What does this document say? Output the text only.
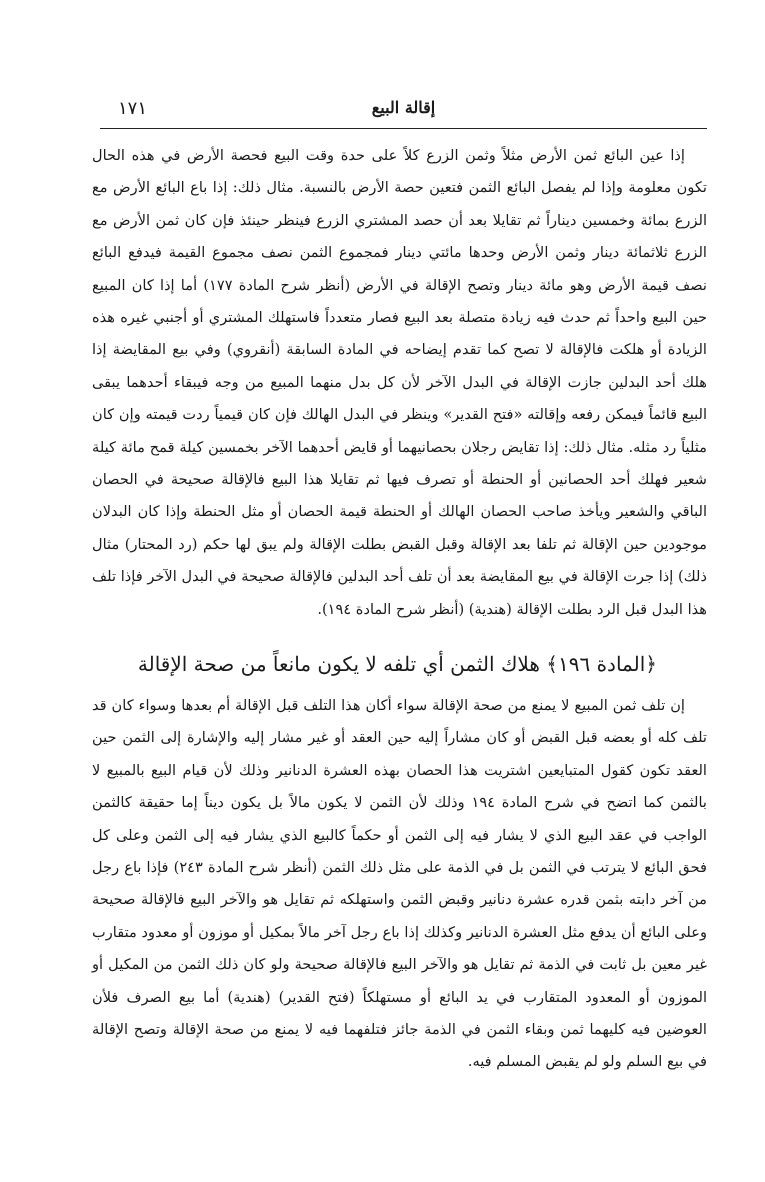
١٧١	إقالة البيع

إذا عين البائع ثمن الأرض مثلاً وثمن الزرع كلاً على حدة وقت البيع فحصة الأرض في هذه الحال تكون معلومة وإذا لم يفصل البائع الثمن فتعين حصة الأرض بالنسبة. مثال ذلك: إذا باع البائع الأرض مع الزرع بمائة وخمسين ديناراً ثم تقايلا بعد أن حصد المشتري الزرع فينظر حينئذ فإن كان ثمن الأرض مع الزرع ثلاثمائة دينار وثمن الأرض وحدها مائتي دينار فمجموع الثمن نصف مجموع القيمة فيدفع البائع نصف قيمة الأرض وهو مائة دينار وتصح الإقالة في الأرض (أنظر شرح المادة ١٧٧) أما إذا كان المبيع حين البيع واحداً ثم حدث فيه زيادة متصلة بعد البيع فصار متعدداً فاستهلك المشتري أو أجنبي غيره هذه الزيادة أو هلكت فالإقالة لا تصح كما تقدم إيضاحه في المادة السابقة (أنقروي) وفي بيع المقايضة إذا هلك أحد البدلين جازت الإقالة في البدل الآخر لأن كل بدل منهما المبيع من وجه فيبقاء أحدهما يبقى البيع قائماً فيمكن رفعه وإقالته «فتح القدير» وينظر في البدل الهالك فإن كان قيمياً ردت قيمته وإن كان مثلياً رد مثله. مثال ذلك: إذا تقايض رجلان بحصانيهما أو قايض أحدهما الآخر بخمسين كيلة قمح مائة كيلة شعير فهلك أحد الحصانين أو الحنطة أو تصرف فيها ثم تقايلا هذا البيع فالإقالة صحيحة في الحصان الباقي والشعير ويأخذ صاحب الحصان الهالك أو الحنطة قيمة الحصان أو مثل الحنطة وإذا كان البدلان موجودين حين الإقالة ثم تلفا بعد الإقالة وقبل القبض بطلت الإقالة ولم يبق لها حكم (رد المحتار) مثال ذلك) إذا جرت الإقالة في بيع المقايضة بعد أن تلف أحد البدلين فالإقالة صحيحة في البدل الآخر فإذا تلف هذا البدل قبل الرد بطلت الإقالة (هندية) (أنظر شرح المادة ١٩٤).

﴿المادة ١٩٦﴾ هلاك الثمن أي تلفه لا يكون مانعاً من صحة الإقالة

إن تلف ثمن المبيع لا يمنع من صحة الإقالة سواء أكان هذا التلف قبل الإقالة أم بعدها وسواء كان قد تلف كله أو بعضه قبل القبض أو كان مشاراً إليه حين العقد أو غير مشار إليه والإشارة إلى الثمن حين العقد تكون كقول المتبايعين اشتريت هذا الحصان بهذه العشرة الدنانير وذلك لأن قيام البيع بالمبيع لا بالثمن كما اتضح في شرح المادة ١٩٤ وذلك لأن الثمن لا يكون مالاً بل يكون ديناً إما حقيقة كالثمن الواجب في عقد البيع الذي لا يشار فيه إلى الثمن أو حكماً كالبيع الذي يشار فيه إلى الثمن وعلى كل فحق البائع لا يترتب في الثمن بل في الذمة على مثل ذلك الثمن (أنظر شرح المادة ٢٤٣) فإذا باع رجل من آخر دابته بثمن قدره عشرة دنانير وقبض الثمن واستهلكه ثم تقايل هو والآخر البيع فالإقالة صحيحة وعلى البائع أن يدفع مثل العشرة الدنانير وكذلك إذا باع رجل آخر مالاً بمكيل أو موزون أو معدود متقارب غير معين بل ثابت في الذمة ثم تقايل هو والآخر البيع فالإقالة صحيحة ولو كان ذلك الثمن من المكيل أو الموزون أو المعدود المتقارب في يد البائع أو مستهلكاً (فتح القدير) (هندية) أما بيع الصرف فلأن العوضين فيه كليهما ثمن وبقاء الثمن في الذمة جائز فتلفهما فيه لا يمنع من صحة الإقالة وتصح الإقالة في بيع السلم ولو لم يقبض المسلم فيه.
